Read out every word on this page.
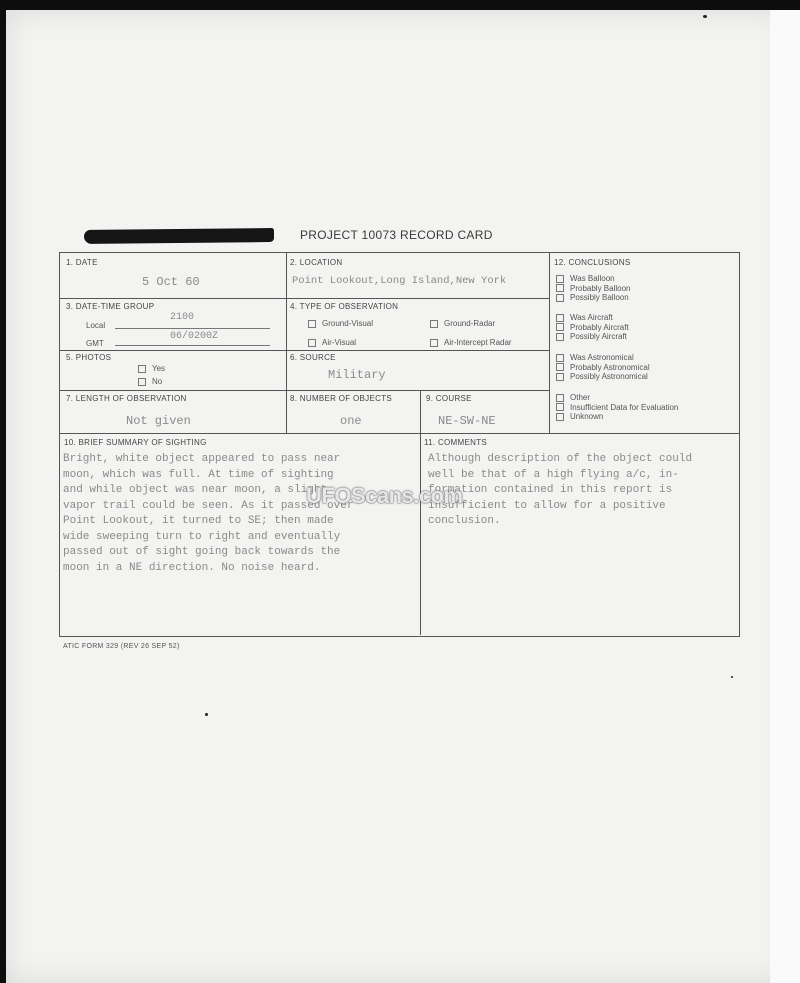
PROJECT 10073 RECORD CARD
1. DATE
5 Oct 60
2. LOCATION
Point Lookout,Long Island,New York
12. CONCLUSIONS
Was Balloon
Probably Balloon
Possibly Balloon
Was Aircraft
Probably Aircraft
Possibly Aircraft
Was Astronomical
Probably Astronomical
Possibly Astronomical
Other
Insufficient Data for Evaluation
Unknown
3. DATE-TIME GROUP
Local
2100
GMT
06/0200Z
4. TYPE OF OBSERVATION
Ground-Visual	Ground-Radar
Air-Visual	Air-Intercept Radar
5. PHOTOS
Yes
No
6. SOURCE
Military
7. LENGTH OF OBSERVATION
Not given
8. NUMBER OF OBJECTS
one
9. COURSE
NE-SW-NE
10. BRIEF SUMMARY OF SIGHTING
Bright, white object appeared to pass near
moon, which was full. At time of sighting
and while object was near moon, a slight
vapor trail could be seen. As it passed over
Point Lookout, it turned to SE; then made
wide sweeping turn to right and eventually
passed out of sight going back towards the
moon in a NE direction. No noise heard.
11. COMMENTS
Although description of the object could
well be that of a high flying a/c, in-
formation contained in this report is
insufficient to allow for a positive
conclusion.
UFOScans.com
ATIC FORM 329 (REV 26 SEP 52)
